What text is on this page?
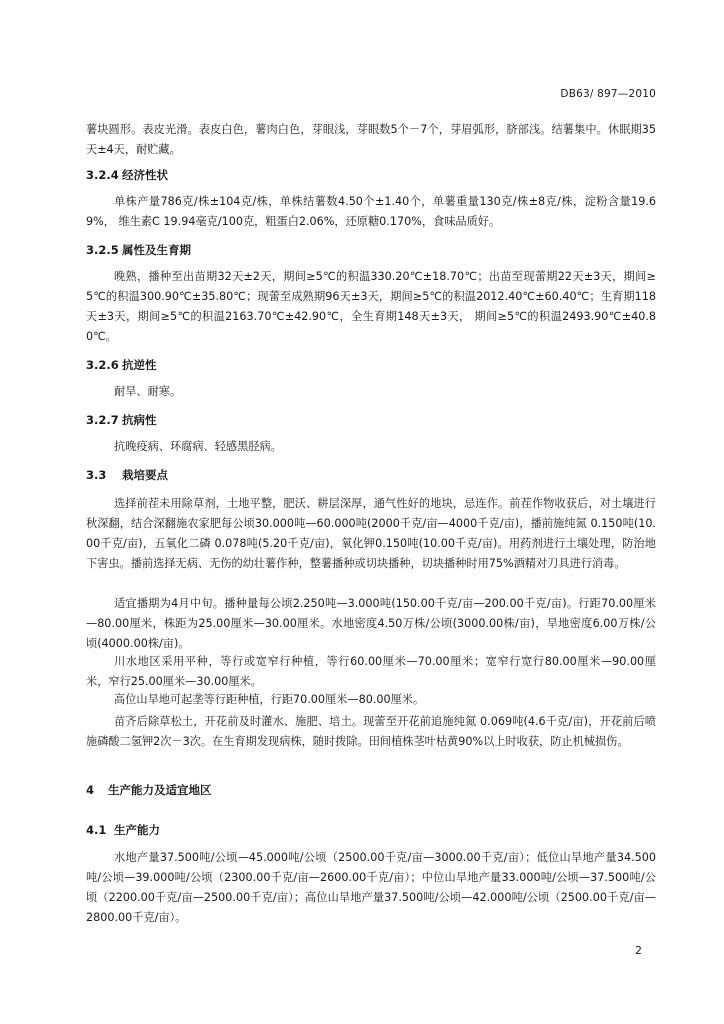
DB63/ 897—2010
薯块圆形。表皮光滑。表皮白色，薯肉白色，芽眼浅，芽眼数5个－7个，芽眉弧形，脐部浅。结薯集中。休眠期35天±4天，耐贮藏。
3.2.4 经济性状
单株产量786克/株±104克/株，单株结薯数4.50个±1.40个，单薯重量130克/株±8克/株，淀粉含量19.69%， 维生素C 19.94毫克/100克，粗蛋白2.06%，还原糖0.170%，食味品质好。
3.2.5 属性及生育期
晚熟，播种至出苗期32天±2天，期间≥5℃的积温330.20℃±18.70℃；出苗至现蕾期22天±3天，期间≥5℃的积温300.90℃±35.80℃；现蕾至成熟期96天±3天，期间≥5℃的积温2012.40℃±60.40℃；生育期118天±3天，期间≥5℃的积温2163.70℃±42.90℃，全生育期148天±3天， 期间≥5℃的积温2493.90℃±40.80℃。
3.2.6 抗逆性
耐旱、耐寒。
3.2.7 抗病性
抗晚疫病、环腐病、轻感黑胫病。
3.3 栽培要点
选择前茬未用除草剂，土地平整，肥沃、耕层深厚，通气性好的地块，忌连作。前茬作物收获后，对土壤进行秋深翻，结合深翻施农家肥每公顷30.000吨—60.000吨(2000千克/亩—4000千克/亩)，播前施纯氮 0.150吨(10.00千克/亩)，五氧化二磷 0.078吨(5.20千克/亩)，氧化钾0.150吨(10.00千克/亩)。用药剂进行土壤处理，防治地下害虫。播前选择无病、无伤的幼壮薯作种，整薯播种或切块播种，切块播种时用75%酒精对刀具进行消毒。
适宜播期为4月中旬。播种量每公顷2.250吨—3.000吨(150.00千克/亩—200.00千克/亩)。行距70.00厘米—80.00厘米，株距为25.00厘米—30.00厘米。水地密度4.50万株/公顷(3000.00株/亩)，旱地密度6.00万株/公顷(4000.00株/亩)。
川水地区采用平种，等行或宽窄行种植，等行60.00厘米—70.00厘米；宽窄行宽行80.00厘米—90.00厘米，窄行25.00厘米—30.00厘米。
高位山旱地可起垄等行距种植，行距70.00厘米—80.00厘米。
苗齐后除草松土，开花前及时灌水、施肥、培土。现蕾至开花前追施纯氮 0.069吨(4.6千克/亩)，开花前后喷施磷酸二氢钾2次－3次。在生育期发现病株，随时拨除。田间植株茎叶枯黄90%以上时收获，防止机械损伤。
4 生产能力及适宜地区
4.1 生产能力
水地产量37.500吨/公顷—45.000吨/公顷（2500.00千克/亩—3000.00千克/亩）；低位山旱地产量34.500吨/公顷—39.000吨/公顷（2300.00千克/亩—2600.00千克/亩）；中位山旱地产量33.000吨/公顷—37.500吨/公顷（2200.00千克/亩—2500.00千克/亩）；高位山旱地产量37.500吨/公顷—42.000吨/公顷（2500.00千克/亩—2800.00千克/亩）。
2
